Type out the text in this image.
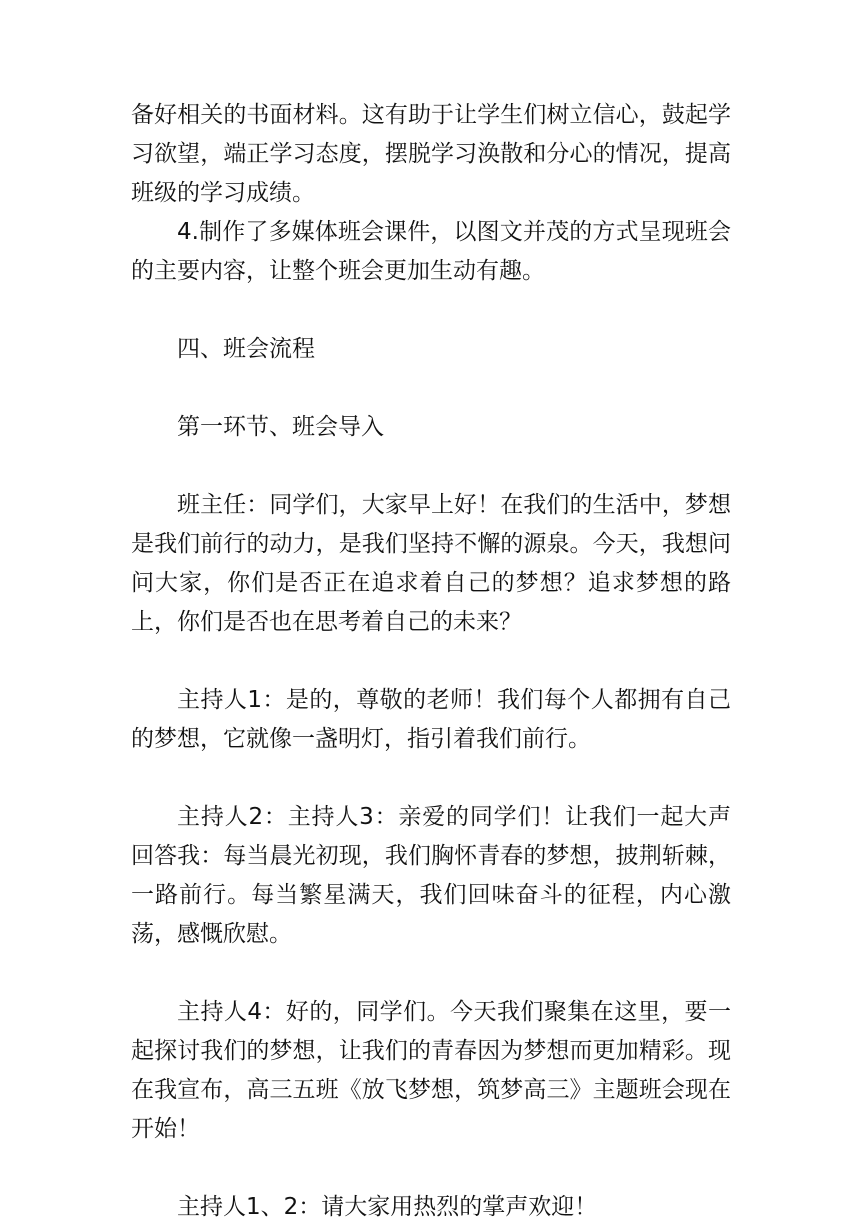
备好相关的书面材料。这有助于让学生们树立信心，鼓起学习欲望，端正学习态度，摆脱学习涣散和分心的情况，提高班级的学习成绩。

4.制作了多媒体班会课件，以图文并茂的方式呈现班会的主要内容，让整个班会更加生动有趣。

四、班会流程

第一环节、班会导入

班主任：同学们，大家早上好！在我们的生活中，梦想是我们前行的动力，是我们坚持不懈的源泉。今天，我想问问大家，你们是否正在追求着自己的梦想？追求梦想的路上，你们是否也在思考着自己的未来？

主持人1：是的，尊敬的老师！我们每个人都拥有自己的梦想，它就像一盏明灯，指引着我们前行。

主持人2：主持人3：亲爱的同学们！让我们一起大声回答我：每当晨光初现，我们胸怀青春的梦想，披荆斩棘，一路前行。每当繁星满天，我们回味奋斗的征程，内心激荡，感慨欣慰。

主持人4：好的，同学们。今天我们聚集在这里，要一起探讨我们的梦想，让我们的青春因为梦想而更加精彩。现在我宣布，高三五班《放飞梦想，筑梦高三》主题班会现在开始！

主持人1、2：请大家用热烈的掌声欢迎！
